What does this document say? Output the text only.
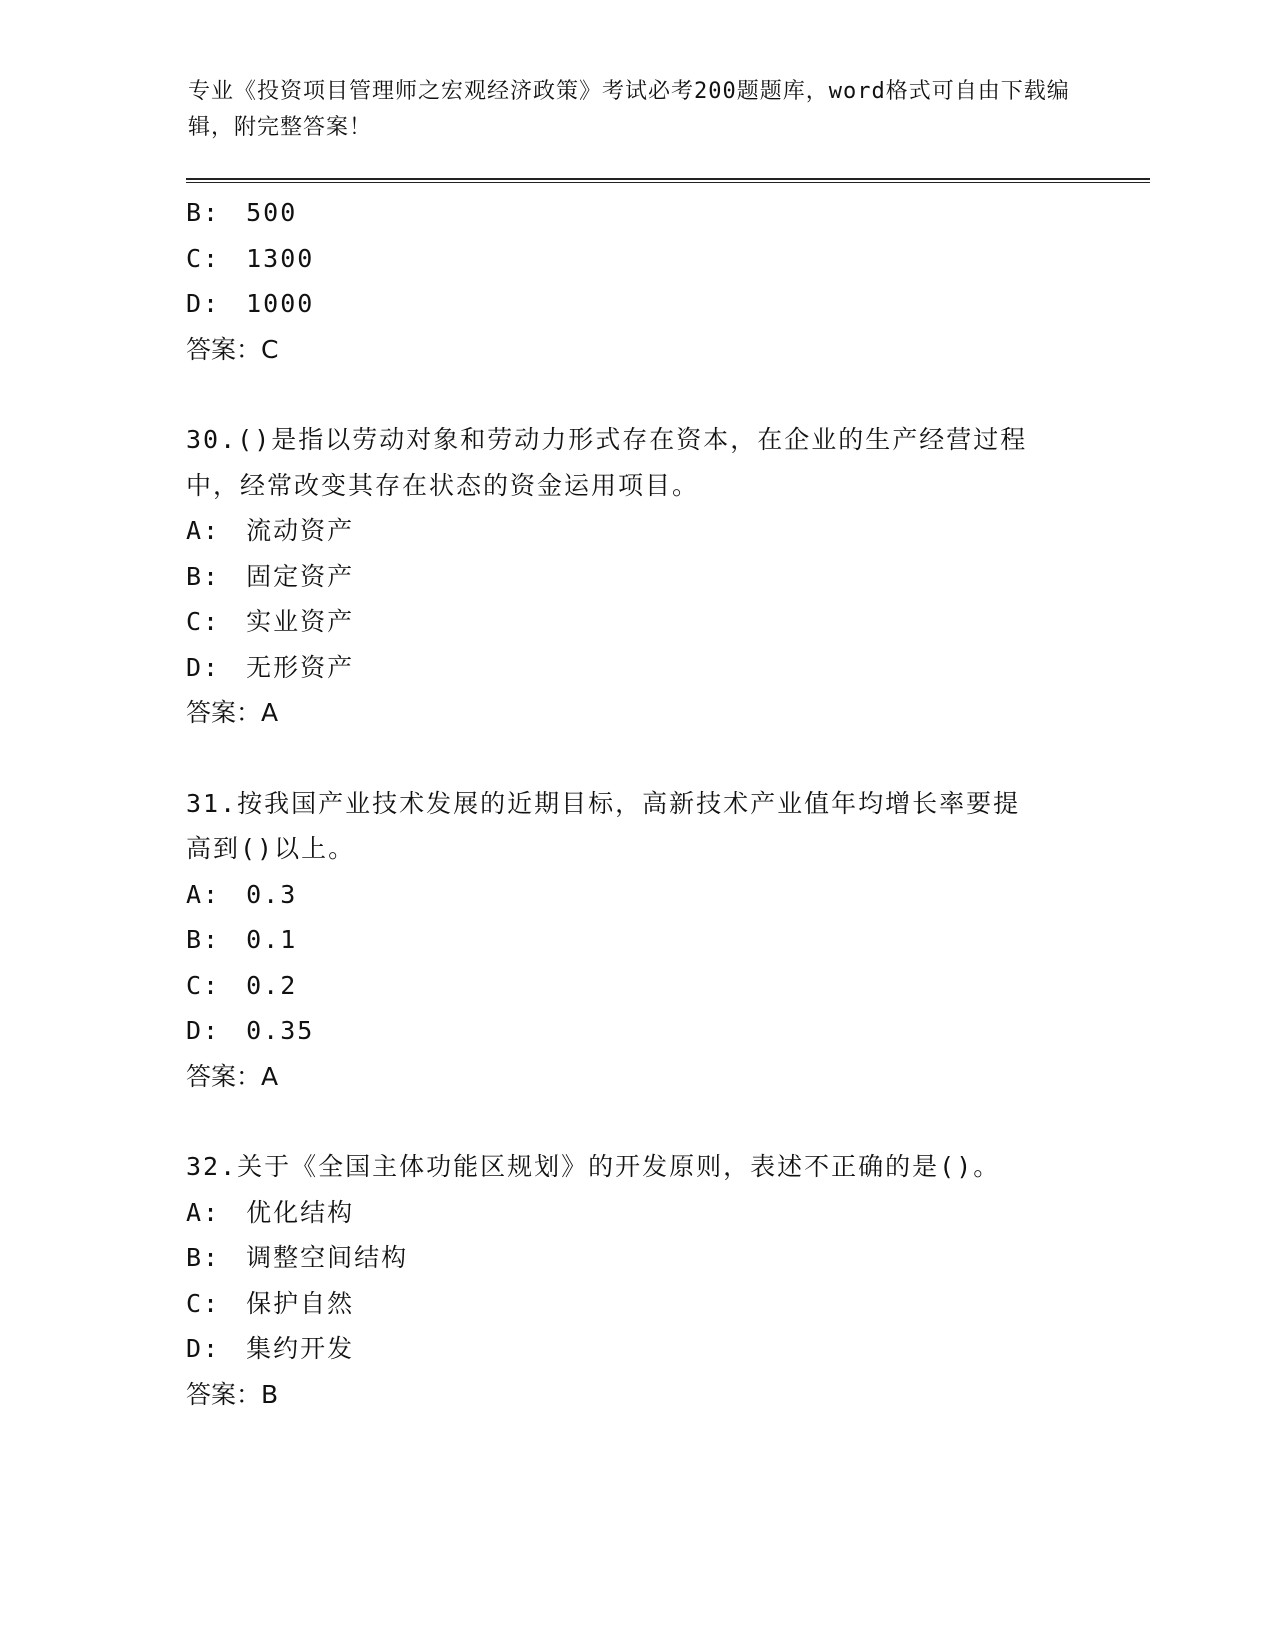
专业《投资项目管理师之宏观经济政策》考试必考200题题库，word格式可自由下载编辑，附完整答案！
B: 500
C: 1300
D: 1000
答案：C
30.()是指以劳动对象和劳动力形式存在资本，在企业的生产经营过程
中，经常改变其存在状态的资金运用项目。
A: 流动资产
B: 固定资产
C: 实业资产
D: 无形资产
答案：A
31.按我国产业技术发展的近期目标，高新技术产业值年均增长率要提
高到()以上。
A: 0.3
B: 0.1
C: 0.2
D: 0.35
答案：A
32.关于《全国主体功能区规划》的开发原则，表述不正确的是()。
A: 优化结构
B: 调整空间结构
C: 保护自然
D: 集约开发
答案：B
